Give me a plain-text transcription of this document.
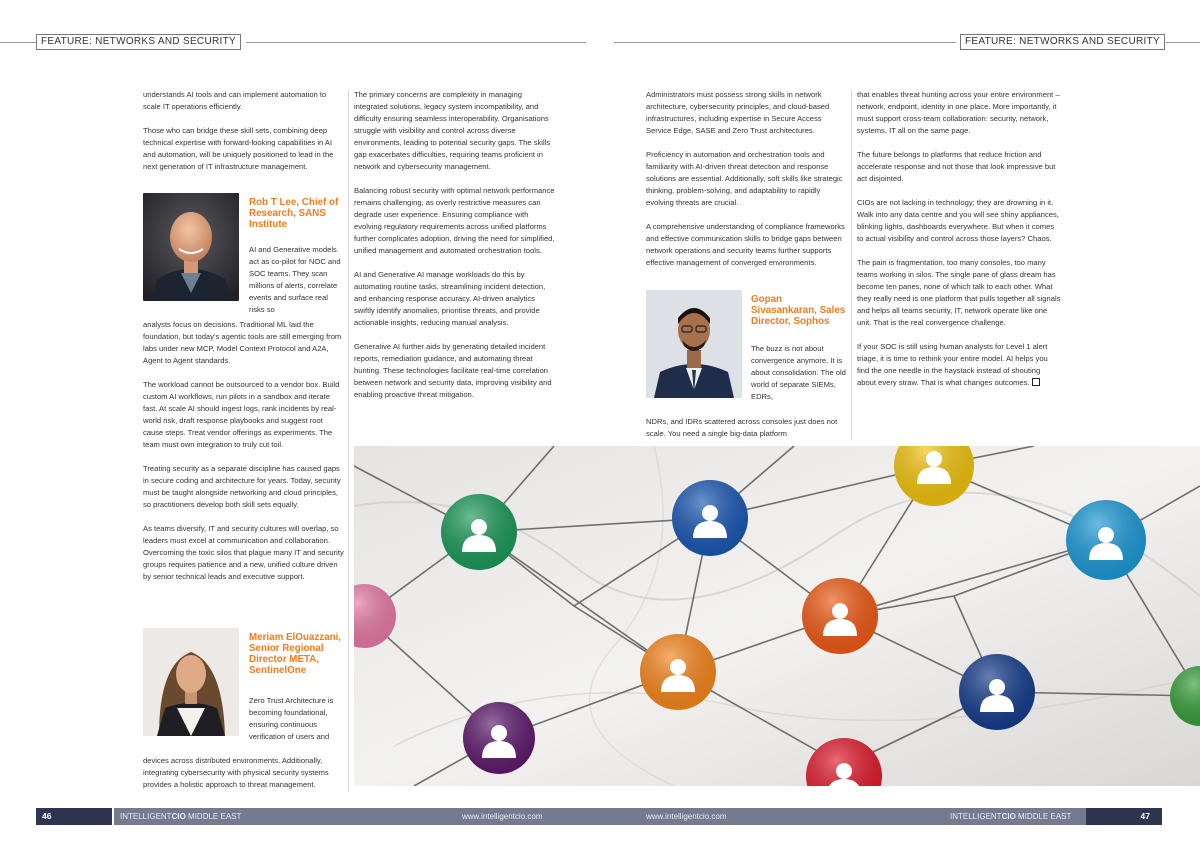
FEATURE: NETWORKS AND SECURITY	FEATURE: NETWORKS AND SECURITY

understands AI tools and can implement automation to scale IT operations efficiently.

Those who can bridge these skill sets, combining deep technical expertise with forward-looking capabilities in AI and automation, will be uniquely positioned to lead in the next generation of IT infrastructure management.

Rob T Lee, Chief of Research, SANS Institute

AI and Generative models act as co-pilot for NOC and SOC teams. They scan millions of alerts, correlate events and surface real risks so

analysts focus on decisions. Traditional ML laid the foundation, but today’s agentic tools are still emerging from labs under new MCP, Model Context Protocol and A2A, Agent to Agent standards.

The workload cannot be outsourced to a vendor box. Build custom AI workflows, run pilots in a sandbox and iterate fast. At scale AI should ingest logs, rank incidents by real-world risk, draft response playbooks and suggest root cause steps. Treat vendor offerings as experiments. The team must own integration to truly cut toil.

Treating security as a separate discipline has caused gaps in secure coding and architecture for years. Today, security must be taught alongside networking and cloud principles, so practitioners develop both skill sets equally.

As teams diversify, IT and security cultures will overlap, so leaders must excel at communication and collaboration. Overcoming the toxic silos that plague many IT and security groups requires patience and a new, unified culture driven by senior technical leads and executive support.

Meriam ElOuazzani, Senior Regional Director META, SentinelOne

Zero Trust Architecture is becoming foundational, ensuring continuous verification of users and

devices across distributed environments. Additionally, integrating cybersecurity with physical security systems provides a holistic approach to threat management.

The primary concerns are complexity in managing integrated solutions, legacy system incompatibility, and difficulty ensuring seamless interoperability. Organisations struggle with visibility and control across diverse environments, leading to potential security gaps. The skills gap exacerbates difficulties, requiring teams proficient in network and cybersecurity management.

Balancing robust security with optimal network performance remains challenging, as overly restrictive measures can degrade user experience. Ensuring compliance with evolving regulatory requirements across unified platforms further complicates adoption, driving the need for simplified, unified management and automated orchestration tools.

AI and Generative AI manage workloads do this by automating routine tasks, streamlining incident detection, and enhancing response accuracy. AI-driven analytics swiftly identify anomalies, prioritise threats, and provide actionable insights, reducing manual analysis.

Generative AI further aids by generating detailed incident reports, remediation guidance, and automating threat hunting. These technologies facilitate real-time correlation between network and security data, improving visibility and enabling proactive threat mitigation.

Administrators must possess strong skills in network architecture, cybersecurity principles, and cloud-based infrastructures, including expertise in Secure Access Service Edge, SASE and Zero Trust architectures.

Proficiency in automation and orchestration tools and familiarity with AI-driven threat detection and response solutions are essential. Additionally, soft skills like strategic thinking, problem-solving, and adaptability to rapidly evolving threats are crucial.

A comprehensive understanding of compliance frameworks and effective communication skills to bridge gaps between network operations and security teams further supports effective management of converged environments.

Gopan Sivasankaran, Sales Director, Sophos

The buzz is not about convergence anymore. It is about consolidation. The old world of separate SIEMs, EDRs,

NDRs, and IDRs scattered across consoles just does not scale. You need a single big-data platform

that enables threat hunting across your entire environment – network, endpoint, identity in one place. More importantly, it must support cross-team collaboration: security, network, systems, IT all on the same page.

The future belongs to platforms that reduce friction and accelerate response and not those that look impressive but act disjointed.

CIOs are not lacking in technology; they are drowning in it. Walk into any data centre and you will see shiny appliances, blinking lights, dashboards everywhere. But when it comes to actual visibility and control across those layers? Chaos.

The pain is fragmentation, too many consoles, too many teams working in silos. The single pane of glass dream has become ten panes, none of which talk to each other. What they really need is one platform that pulls together all signals and helps all teams security, IT, network operate like one unit. That is the real convergence challenge.

If your SOC is still using human analysts for Level 1 alert triage, it is time to rethink your entire model. AI helps you find the one needle in the haystack instead of shouting about every straw. That is what changes outcomes.

46	INTELLIGENTCIO MIDDLE EAST	www.intelligentcio.com	www.intelligentcio.com	INTELLIGENTCIO MIDDLE EAST	47
